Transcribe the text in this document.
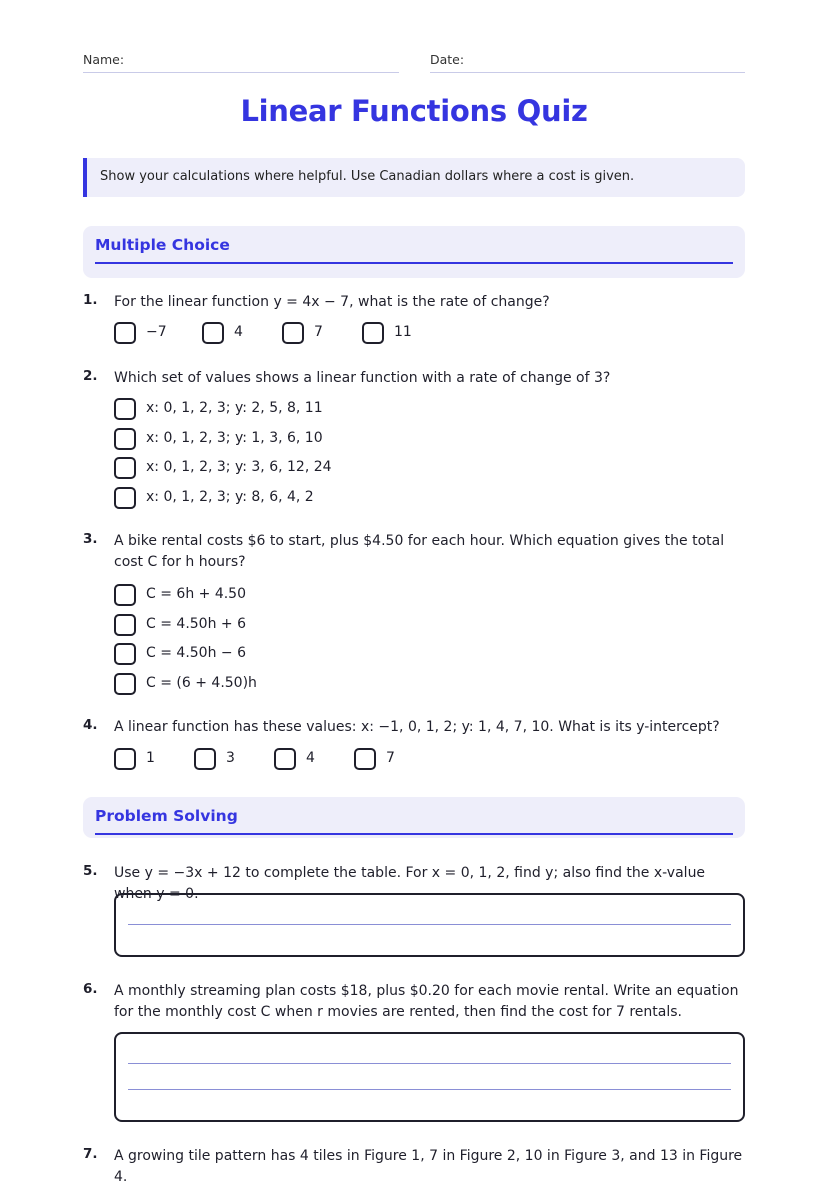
Name:	Date:
Linear Functions Quiz
Show your calculations where helpful. Use Canadian dollars where a cost is given.
Multiple Choice
1. For the linear function y = 4x − 7, what is the rate of change?
−7	4	7	11
2. Which set of values shows a linear function with a rate of change of 3?
x: 0, 1, 2, 3; y: 2, 5, 8, 11
x: 0, 1, 2, 3; y: 1, 3, 6, 10
x: 0, 1, 2, 3; y: 3, 6, 12, 24
x: 0, 1, 2, 3; y: 8, 6, 4, 2
3. A bike rental costs $6 to start, plus $4.50 for each hour. Which equation gives the total cost C for h hours?
C = 6h + 4.50
C = 4.50h + 6
C = 4.50h − 6
C = (6 + 4.50)h
4. A linear function has these values: x: −1, 0, 1, 2; y: 1, 4, 7, 10. What is its y-intercept?
1	3	4	7
Problem Solving
5. Use y = −3x + 12 to complete the table. For x = 0, 1, 2, find y; also find the x-value when y = 0.
6. A monthly streaming plan costs $18, plus $0.20 for each movie rental. Write an equation for the monthly cost C when r movies are rented, then find the cost for 7 rentals.
7. A growing tile pattern has 4 tiles in Figure 1, 7 in Figure 2, 10 in Figure 3, and 13 in Figure 4.
